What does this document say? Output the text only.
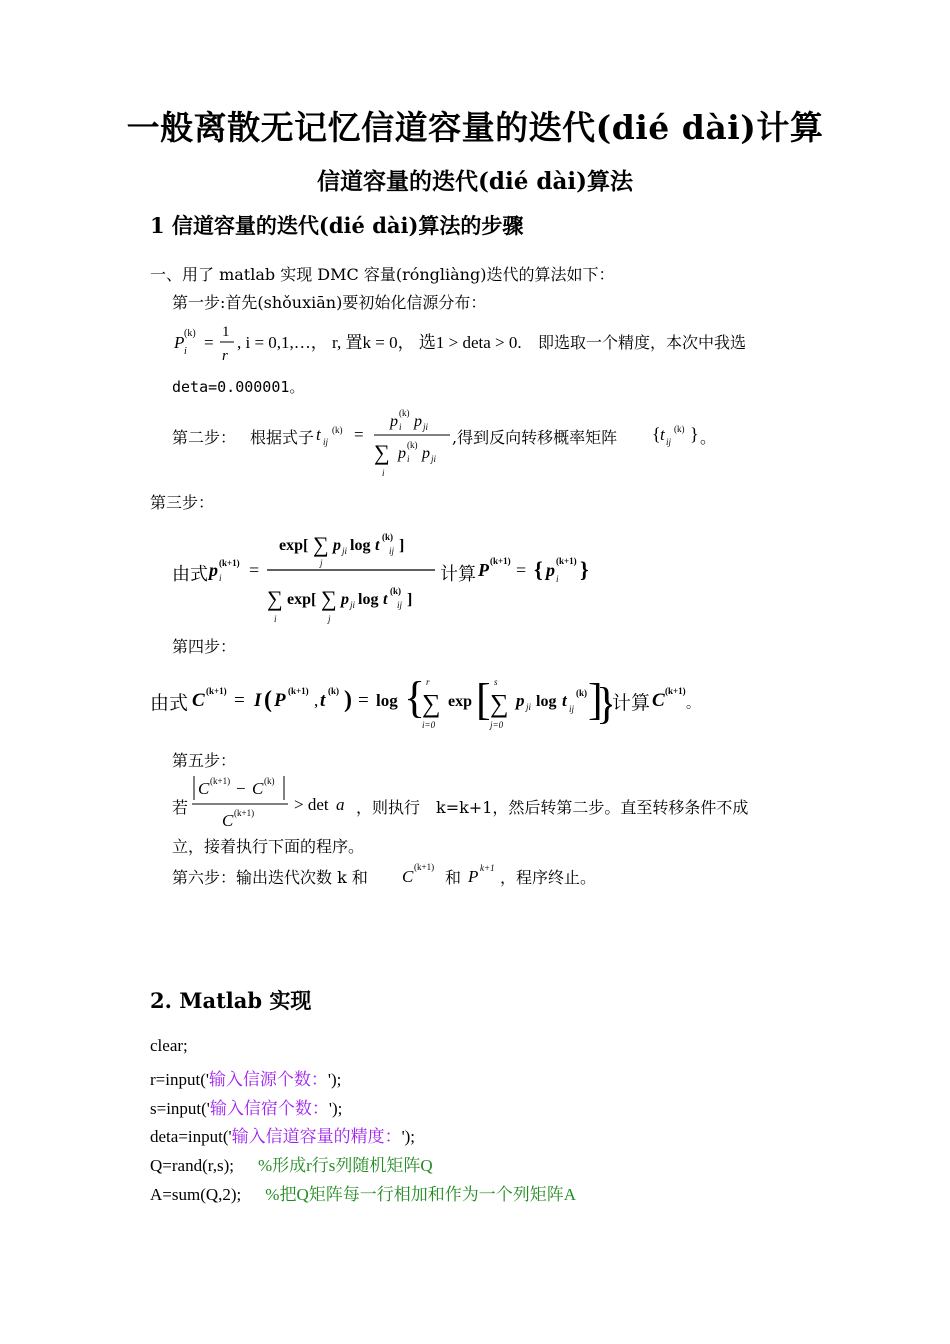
一般离散无记忆信道容量的迭代(dié dài)计算
信道容量的迭代(dié dài)算法
1 信道容量的迭代(dié dài)算法的步骤
一、用了 matlab 实现 DMC 容量(róngliàng)迭代的算法如下：
第一步:首先(shǒuxiān)要初始化信源分布：
P (k)
i =
1
r
, i = 0,1,…， r, 置k = 0， 选1 > deta > 0. 即选取一个精度，本次中我选
deta=0.000001。
第二步： 根据式子 t ij
(k) =
p (k)
i p ji
∑
i
p (k)
i p ji
,得到反向转移概率矩阵 { t ij
(k) } 。
第三步：
由式 p (k+1)
i =
exp[ ∑
j
p ji log t (k)
ij ]
∑
i
exp[ ∑
j
p ji log t (k)
ij ]
计算 P (k+1) = { p (k+1)
i }
第四步：
由式 C (k+1) = I ( P (k+1) , t (k) ) = log {
∑
r
i=0
exp [ ∑
s
j=0
p ji log t ij
(k) 计算 C (k+1)
第五步：
若
C (k+1) − C (k)
C (k+1) > det a ，则执行　k=k+1，然后转第二步。直至转移条件不成
立，接着执行下面的程序。
第六步：输出迭代次数 k 和 C (k+1)
和 P k+1 ，程序终止。
2. Matlab 实现
clear;
r=input('输入信源个数：');
s=input('输入信宿个数：');
deta=input('输入信道容量的精度：');
Q=rand(r,s); %形成r行s列随机矩阵Q
A=sum(Q,2); %把Q矩阵每一行相加和作为一个列矩阵A
